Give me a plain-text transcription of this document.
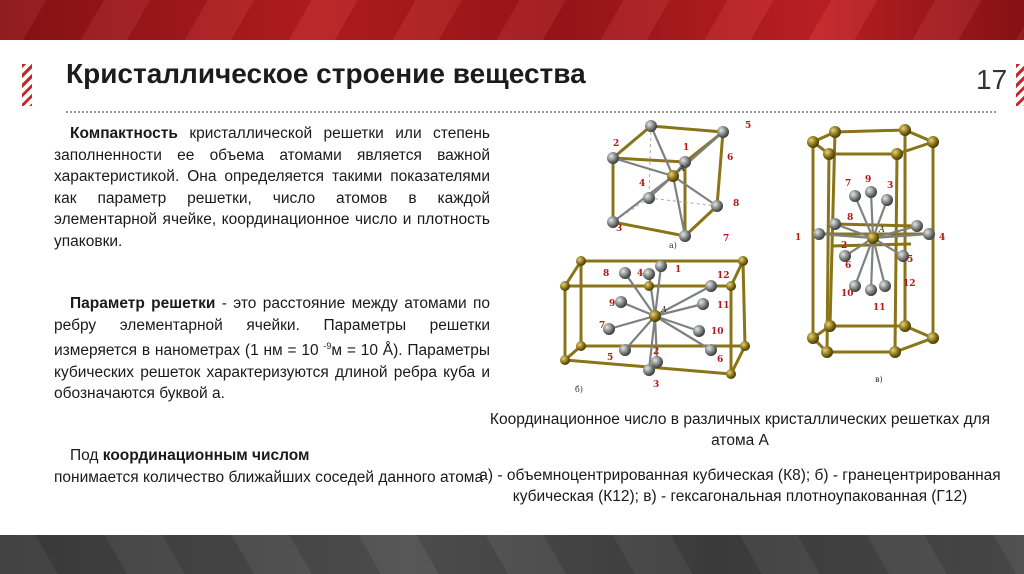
Кристаллическое строение вещества	17
Компактность кристаллической решетки или степень заполненности ее объема атомами является важной характеристикой. Она определяется такими показателями как параметр решетки, число атомов в каждой элементарной ячейке, координационное число и плотность упаковки.
Параметр решетки - это расстояние между атомами по ребру элементарной ячейки. Параметры решетки измеряется в нанометрах (1 нм = 10 $^{-9}$м = 10 Å). Параметры кубических решеток характеризуются длиной ребра куба и обозначаются буквой а.
Под координационным числом
понимается количество ближайших соседей данного атома
5
2	1
6
4
8
3
7
A
а)
8	4	1
12
9	11
7
10
5	6
2
3
A
б)
7 9
3
8
1	4
2
6
5
10
11
12
A
в)
Координационное число в различных кристаллических решетках для атома А
а) - объемноцентрированная кубическая (К8); б) - гранецентрированная кубическая (К12); в) - гексагональная плотноупакованная (Г12)
